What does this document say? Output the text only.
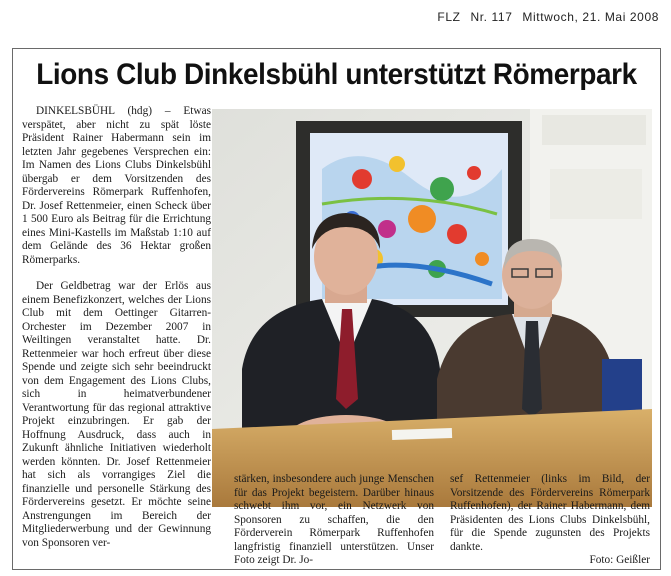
FLZ Nr. 117 Mittwoch, 21. Mai 2008
Lions Club Dinkelsbühl unterstützt Römerpark

DINKELSBÜHL (hdg) – Etwas verspätet, aber nicht zu spät löste Präsident Rainer Habermann sein im letzten Jahr gegebenes Versprechen ein: Im Namen des Lions Clubs Dinkelsbühl übergab er dem Vorsitzenden des Fördervereins Römerpark Ruffenhofen, Dr. Josef Rettenmeier, einen Scheck über 1 500 Euro als Beitrag für die Errichtung eines Mini-Kastells im Maßstab 1:10 auf dem Gelände des 36 Hektar großen Römerparks.

Der Geldbetrag war der Erlös aus einem Benefizkonzert, welches der Lions Club mit dem Oettinger Gitarren-Orchester im Dezember 2007 in Weiltingen veranstaltet hatte. Dr. Rettenmeier war hoch erfreut über diese Spende und zeigte sich sehr beeindruckt von dem Engagement des Lions Clubs, sich in heimatverbundener Verantwortung für das regional attraktive Projekt einzubringen. Er gab der Hoffnung Ausdruck, dass auch in Zukunft ähnliche Initiativen wiederholt werden könnten. Dr. Josef Rettenmeier hat sich als vorrangiges Ziel die finanzielle und personelle Stärkung des Fördervereins gesetzt. Er möchte seine Anstrengungen im Bereich der Mitgliederwerbung und der Gewinnung von Sponsoren ver-

stärken, insbesondere auch junge Menschen für das Projekt begeistern. Darüber hinaus schwebt ihm vor, ein Netzwerk von Sponsoren zu schaffen, die den Förderverein Römerpark Ruffenhofen langfristig finanziell unterstützen. Unser Foto zeigt Dr. Jo-

sef Rettenmeier (links im Bild, der Vorsitzende des Fördervereins Römerpark Ruffenhofen), der Rainer Habermann, dem Präsidenten des Lions Clubs Dinkelsbühl, für die Spende zugunsten des Projekts dankte.

Foto: Geißler
